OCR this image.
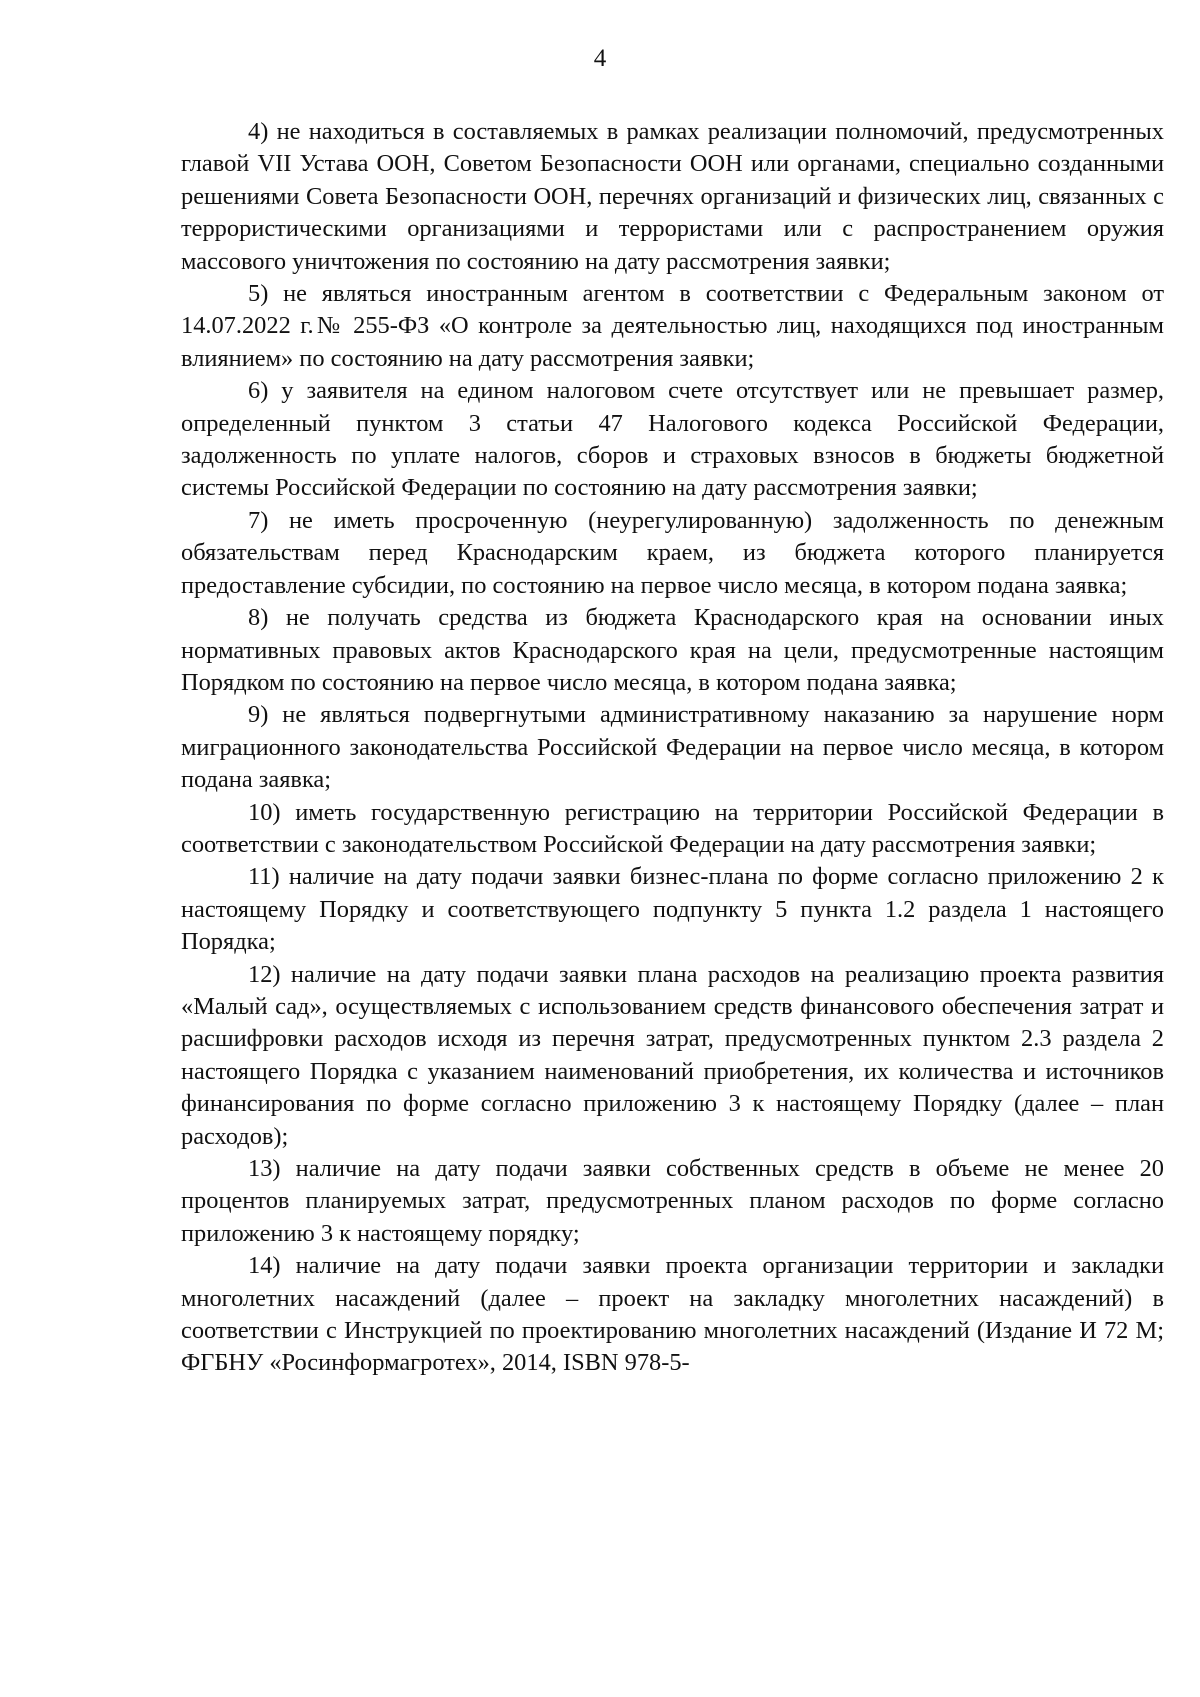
4

4) не находиться в составляемых в рамках реализации полномочий, предусмотренных главой VII Устава ООН, Советом Безопасности ООН или органами, специально созданными решениями Совета Безопасности ООН, перечнях организаций и физических лиц, связанных с террористическими организациями и террористами или с распространением оружия массового уничтожения по состоянию на дату рассмотрения заявки;

5) не являться иностранным агентом в соответствии с Федеральным законом от 14.07.2022 г.№ 255-ФЗ «О контроле за деятельностью лиц, находящихся под иностранным влиянием» по состоянию на дату рассмотрения заявки;

6) у заявителя на едином налоговом счете отсутствует или не превышает размер, определенный пунктом 3 статьи 47 Налогового кодекса Российской Федерации, задолженность по уплате налогов, сборов и страховых взносов в бюджеты бюджетной системы Российской Федерации по состоянию на дату рассмотрения заявки;

7) не иметь просроченную (неурегулированную) задолженность по денежным обязательствам перед Краснодарским краем, из бюджета которого планируется предоставление субсидии, по состоянию на первое число месяца, в котором подана заявка;

8) не получать средства из бюджета Краснодарского края на основании иных нормативных правовых актов Краснодарского края на цели, предусмотренные настоящим Порядком по состоянию на первое число месяца, в котором подана заявка;

9) не являться подвергнутыми административному наказанию за нарушение норм миграционного законодательства Российской Федерации на первое число месяца, в котором подана заявка;

10) иметь государственную регистрацию на территории Российской Федерации в соответствии с законодательством Российской Федерации на дату рассмотрения заявки;

11) наличие на дату подачи заявки бизнес-плана по форме согласно приложению 2 к настоящему Порядку и соответствующего подпункту 5 пункта 1.2 раздела 1 настоящего Порядка;

12) наличие на дату подачи заявки плана расходов на реализацию проекта развития «Малый сад», осуществляемых с использованием средств финансового обеспечения затрат и расшифровки расходов исходя из перечня затрат, предусмотренных пунктом 2.3 раздела 2 настоящего Порядка с указанием наименований приобретения, их количества и источников финансирования по форме согласно приложению 3 к настоящему Порядку (далее – план расходов);

13) наличие на дату подачи заявки собственных средств в объеме не менее 20 процентов планируемых затрат, предусмотренных планом расходов по форме согласно приложению 3 к настоящему порядку;

14) наличие на дату подачи заявки проекта организации территории и закладки многолетних насаждений (далее – проект на закладку многолетних насаждений) в соответствии с Инструкцией по проектированию многолетних насаждений (Издание И 72 М; ФГБНУ «Росинформагротех», 2014, ISBN 978-5-
